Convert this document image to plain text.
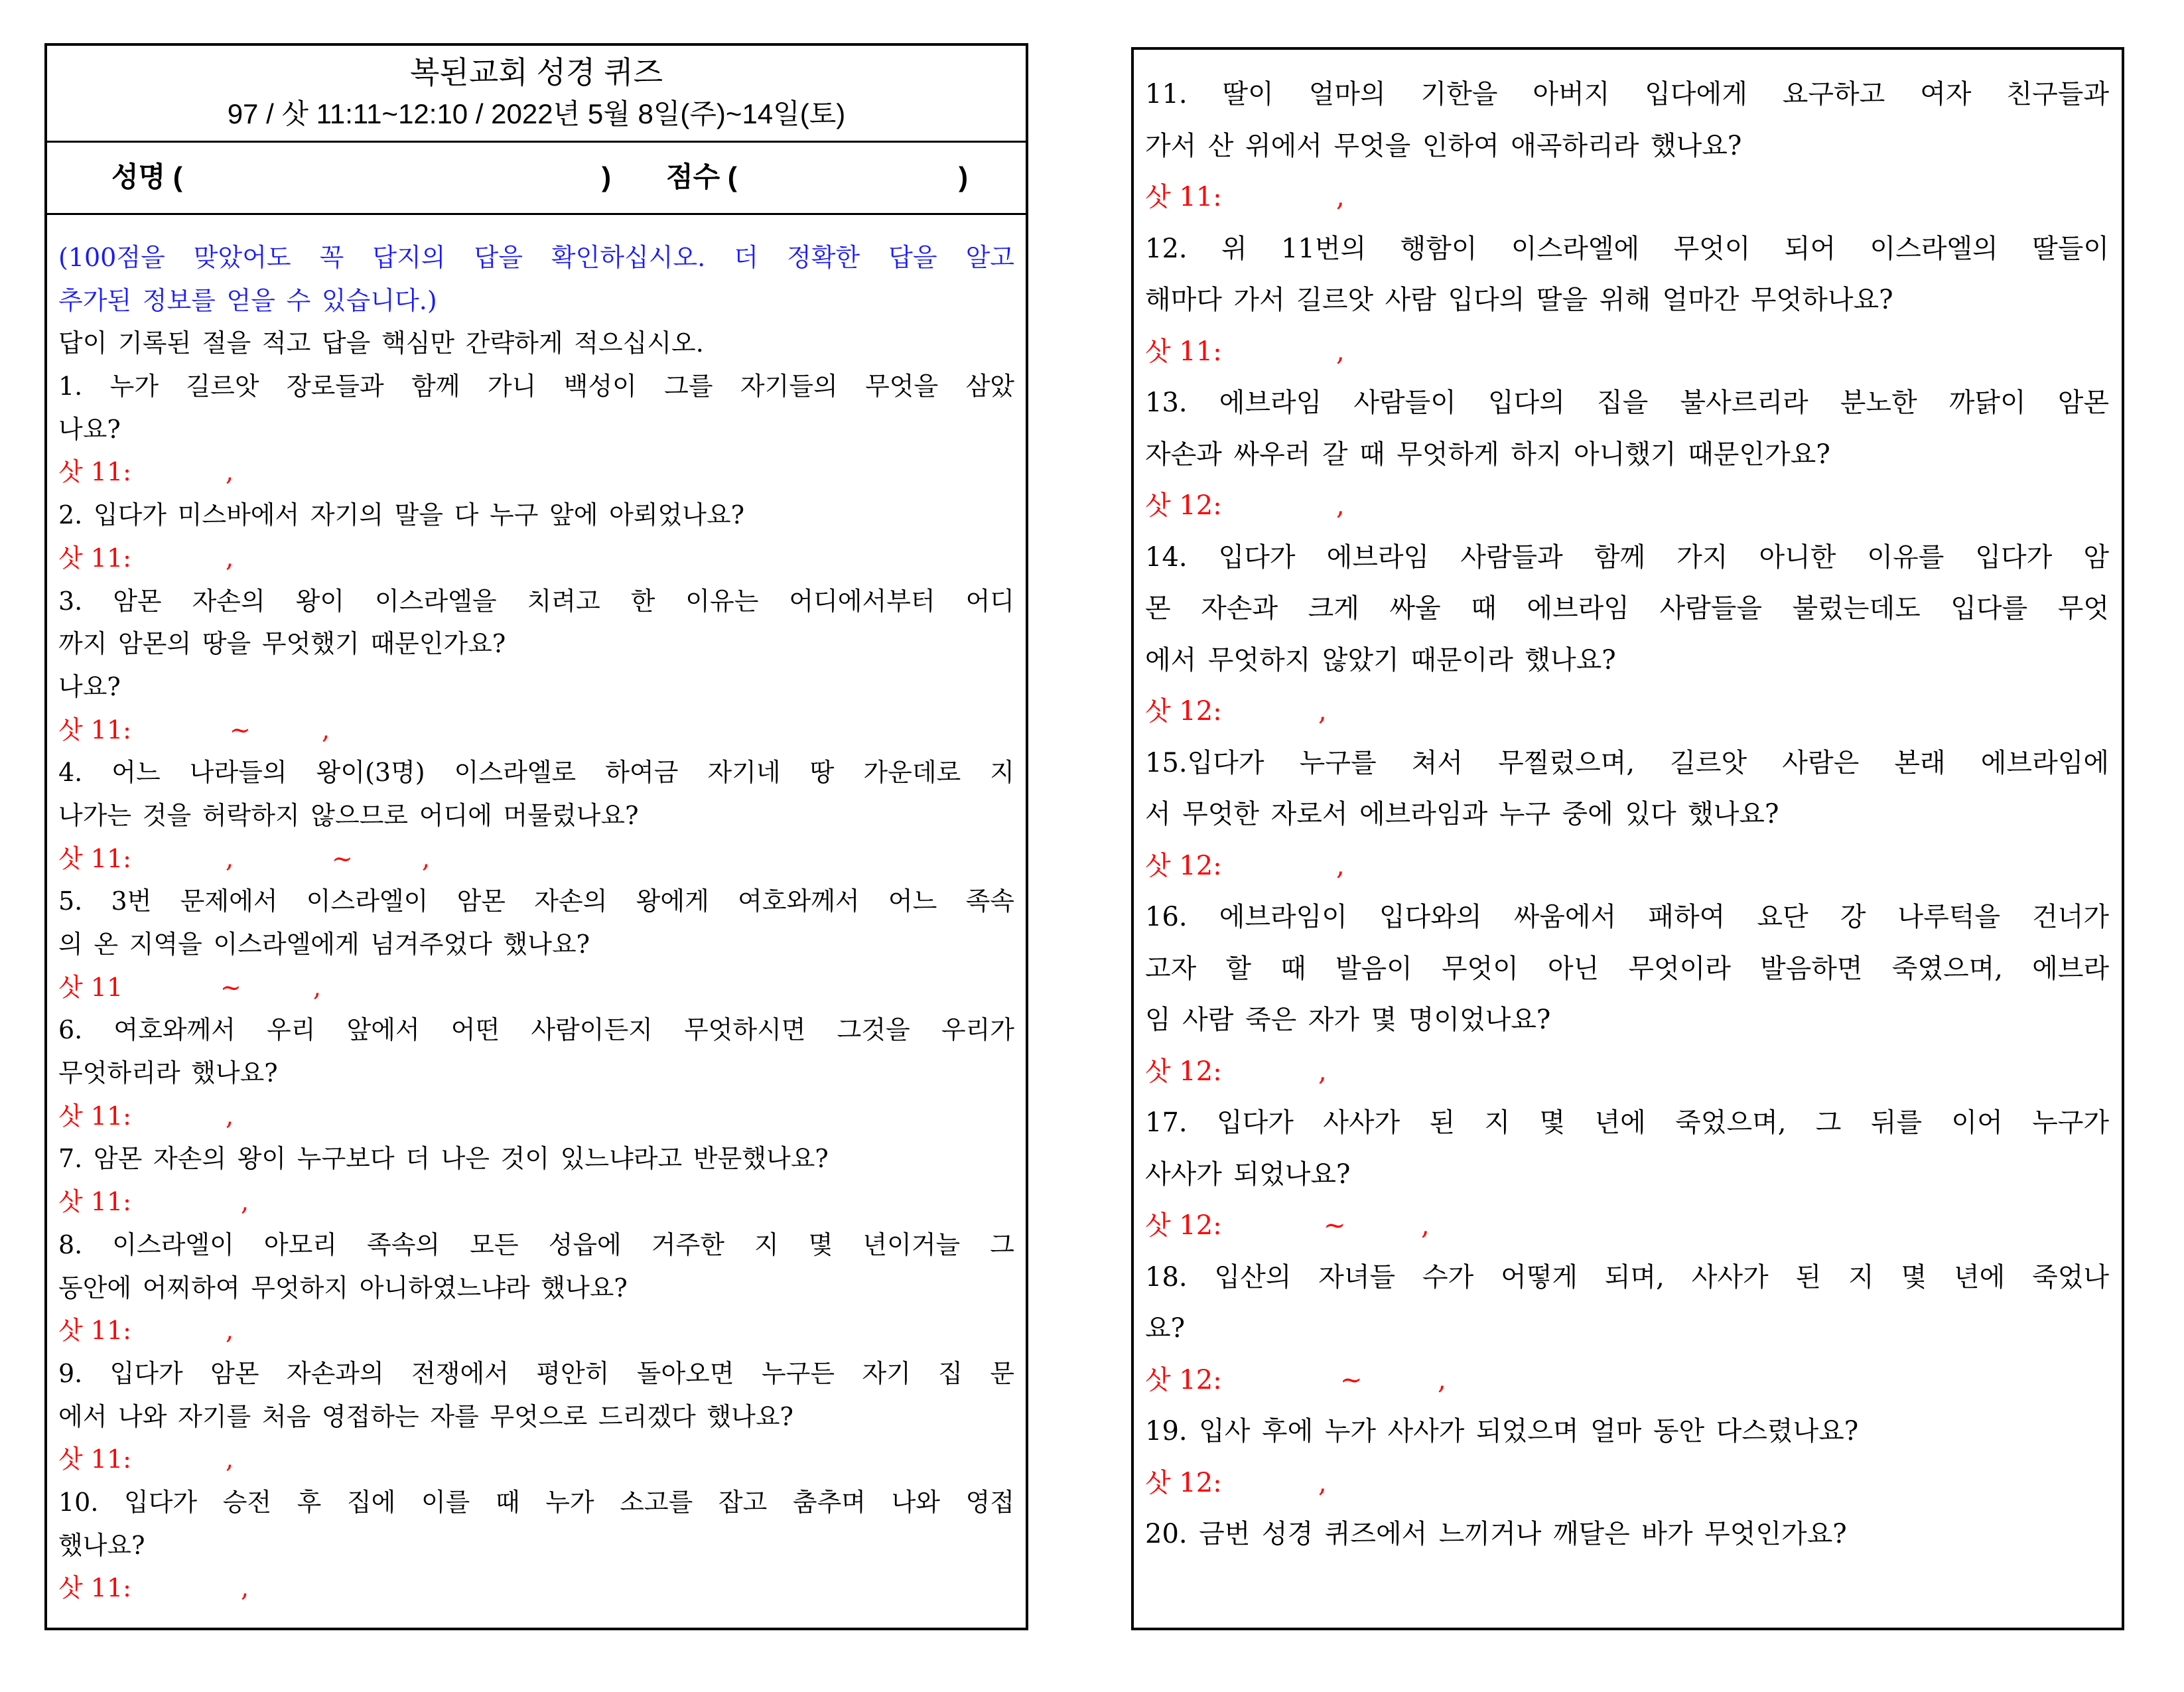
복된교회 성경 퀴즈
97 / 삿 11:11~12:10 / 2022년 5월 8일(주)~14일(토)
성명 (	) 점수 (	)
(100점을 맞았어도 꼭 답지의 답을 확인하십시오. 더 정확한 답을 알고
추가된 정보를 얻을 수 있습니다.)
답이 기록된 절을 적고 답을 핵심만 간략하게 적으십시오.
1. 누가 길르앗 장로들과 함께 가니 백성이 그를 자기들의 무엇을 삼았
나요?
삿 11:	,
2. 입다가 미스바에서 자기의 말을 다 누구 앞에 아뢰었나요?
삿 11:	,
3. 암몬 자손의 왕이 이스라엘을 치려고 한 이유는 어디에서부터 어디
까지 암몬의 땅을 무엇했기 때문인가요?
나요?
삿 11:	~	,
4. 어느 나라들의 왕이(3명) 이스라엘로 하여금 자기네 땅 가운데로 지
나가는 것을 허락하지 않으므로 어디에 머물렀나요?
삿 11:	,	~	,
5. 3번 문제에서 이스라엘이 암몬 자손의 왕에게 여호와께서 어느 족속
의 온 지역을 이스라엘에게 넘겨주었다 했나요?
삿 11	~	,
6. 여호와께서 우리 앞에서 어떤 사람이든지 무엇하시면 그것을 우리가
무엇하리라 했나요?
삿 11:	,
7. 암몬 자손의 왕이 누구보다 더 나은 것이 있느냐라고 반문했나요?
삿 11:	,
8. 이스라엘이 아모리 족속의 모든 성읍에 거주한 지 몇 년이거늘 그
동안에 어찌하여 무엇하지 아니하였느냐라 했나요?
삿 11:	,
9. 입다가 암몬 자손과의 전쟁에서 평안히 돌아오면 누구든 자기 집 문
에서 나와 자기를 처음 영접하는 자를 무엇으로 드리겠다 했나요?
삿 11:	,
10. 입다가 승전 후 집에 이를 때 누가 소고를 잡고 춤추며 나와 영접
했나요?
삿 11:	,
11. 딸이 얼마의 기한을 아버지 입다에게 요구하고 여자 친구들과
가서 산 위에서 무엇을 인하여 애곡하리라 했나요?
삿 11:	,
12. 위 11번의 행함이 이스라엘에 무엇이 되어 이스라엘의 딸들이
해마다 가서 길르앗 사람 입다의 딸을 위해 얼마간 무엇하나요?
삿 11:	,
13. 에브라임 사람들이 입다의 집을 불사르리라 분노한 까닭이 암몬
자손과 싸우러 갈 때 무엇하게 하지 아니했기 때문인가요?
삿 12:	,
14. 입다가 에브라임 사람들과 함께 가지 아니한 이유를 입다가 암
몬 자손과 크게 싸울 때 에브라임 사람들을 불렀는데도 입다를 무엇
에서 무엇하지 않았기 때문이라 했나요?
삿 12:	,
15.입다가 누구를 쳐서 무찔렀으며, 길르앗 사람은 본래 에브라임에
서 무엇한 자로서 에브라임과 누구 중에 있다 했나요?
삿 12:	,
16. 에브라임이 입다와의 싸움에서 패하여 요단 강 나루턱을 건너가
고자 할 때 발음이 무엇이 아닌 무엇이라 발음하면 죽였으며, 에브라
임 사람 죽은 자가 몇 명이었나요?
삿 12:	,
17. 입다가 사사가 된 지 몇 년에 죽었으며, 그 뒤를 이어 누구가
사사가 되었나요?
삿 12:	~	,
18. 입산의 자녀들 수가 어떻게 되며, 사사가 된 지 몇 년에 죽었나
요?
삿 12:	~	,
19. 입사 후에 누가 사사가 되었으며 얼마 동안 다스렸나요?
삿 12:	,
20. 금번 성경 퀴즈에서 느끼거나 깨달은 바가 무엇인가요?
